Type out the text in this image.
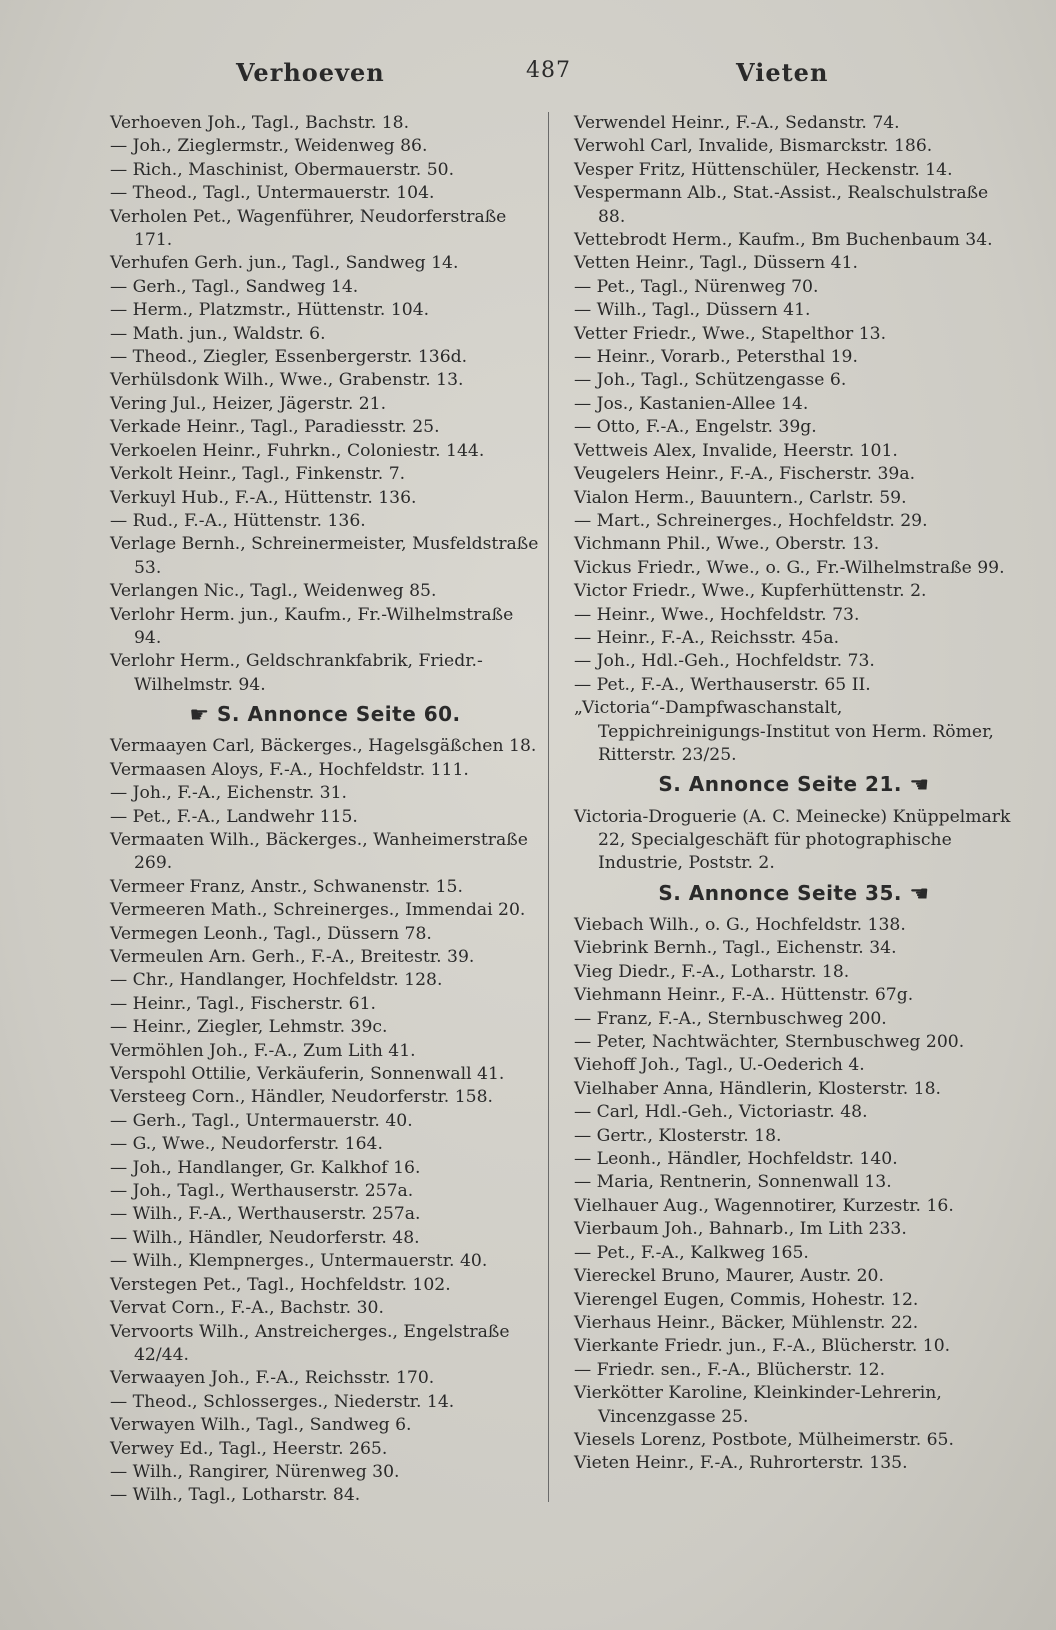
Verhoeven	487	Vieten
Verhoeven Joh., Tagl., Bachstr. 18.
— Joh., Zieglermstr., Weidenweg 86.
— Rich., Maschinist, Obermauerstr. 50.
— Theod., Tagl., Untermauerstr. 104.
Verholen Pet., Wagenführer, Neudorferstraße 171.
Verhufen Gerh. jun., Tagl., Sandweg 14.
— Gerh., Tagl., Sandweg 14.
— Herm., Platzmstr., Hüttenstr. 104.
— Math. jun., Waldstr. 6.
— Theod., Ziegler, Essenbergerstr. 136d.
Verhülsdonk Wilh., Wwe., Grabenstr. 13.
Vering Jul., Heizer, Jägerstr. 21.
Verkade Heinr., Tagl., Paradiesstr. 25.
Verkoelen Heinr., Fuhrkn., Coloniestr. 144.
Verkolt Heinr., Tagl., Finkenstr. 7.
Verkuyl Hub., F.-A., Hüttenstr. 136.
— Rud., F.-A., Hüttenstr. 136.
Verlage Bernh., Schreinermeister, Musfeldstraße 53.
Verlangen Nic., Tagl., Weidenweg 85.
Verlohr Herm. jun., Kaufm., Fr.-Wilhelmstraße 94.
Verlohr Herm., Geldschrankfabrik, Friedr.-Wilhelmstr. 94.
☛ S. Annonce Seite 60.
Vermaayen Carl, Bäckerges., Hagelsgäßchen 18.
Vermaasen Aloys, F.-A., Hochfeldstr. 111.
— Joh., F.-A., Eichenstr. 31.
— Pet., F.-A., Landwehr 115.
Vermaaten Wilh., Bäckerges., Wanheimerstraße 269.
Vermeer Franz, Anstr., Schwanenstr. 15.
Vermeeren Math., Schreinerges., Immendai 20.
Vermegen Leonh., Tagl., Düssern 78.
Vermeulen Arn. Gerh., F.-A., Breitestr. 39.
— Chr., Handlanger, Hochfeldstr. 128.
— Heinr., Tagl., Fischerstr. 61.
— Heinr., Ziegler, Lehmstr. 39c.
Vermöhlen Joh., F.-A., Zum Lith 41.
Verspohl Ottilie, Verkäuferin, Sonnenwall 41.
Versteeg Corn., Händler, Neudorferstr. 158.
— Gerh., Tagl., Untermauerstr. 40.
— G., Wwe., Neudorferstr. 164.
— Joh., Handlanger, Gr. Kalkhof 16.
— Joh., Tagl., Werthauserstr. 257a.
— Wilh., F.-A., Werthauserstr. 257a.
— Wilh., Händler, Neudorferstr. 48.
— Wilh., Klempnerges., Untermauerstr. 40.
Verstegen Pet., Tagl., Hochfeldstr. 102.
Vervat Corn., F.-A., Bachstr. 30.
Vervoorts Wilh., Anstreicherges., Engelstraße 42/44.
Verwaayen Joh., F.-A., Reichsstr. 170.
— Theod., Schlosserges., Niederstr. 14.
Verwayen Wilh., Tagl., Sandweg 6.
Verwey Ed., Tagl., Heerstr. 265.
— Wilh., Rangirer, Nürenweg 30.
— Wilh., Tagl., Lotharstr. 84.
Verwendel Heinr., F.-A., Sedanstr. 74.
Verwohl Carl, Invalide, Bismarckstr. 186.
Vesper Fritz, Hüttenschüler, Heckenstr. 14.
Vespermann Alb., Stat.-Assist., Realschulstraße 88.
Vettebrodt Herm., Kaufm., Bm Buchenbaum 34.
Vetten Heinr., Tagl., Düssern 41.
— Pet., Tagl., Nürenweg 70.
— Wilh., Tagl., Düssern 41.
Vetter Friedr., Wwe., Stapelthor 13.
— Heinr., Vorarb., Petersthal 19.
— Joh., Tagl., Schützengasse 6.
— Jos., Kastanien-Allee 14.
— Otto, F.-A., Engelstr. 39g.
Vettweis Alex, Invalide, Heerstr. 101.
Veugelers Heinr., F.-A., Fischerstr. 39a.
Vialon Herm., Bauuntern., Carlstr. 59.
— Mart., Schreinerges., Hochfeldstr. 29.
Vichmann Phil., Wwe., Oberstr. 13.
Vickus Friedr., Wwe., o. G., Fr.-Wilhelmstraße 99.
Victor Friedr., Wwe., Kupferhüttenstr. 2.
— Heinr., Wwe., Hochfeldstr. 73.
— Heinr., F.-A., Reichsstr. 45a.
— Joh., Hdl.-Geh., Hochfeldstr. 73.
— Pet., F.-A., Werthauserstr. 65 II.
„Victoria“-Dampfwaschanstalt, Teppichreinigungs-Institut von Herm. Römer, Ritterstr. 23/25.
S. Annonce Seite 21. ☚
Victoria-Droguerie (A. C. Meinecke) Knüppelmark 22, Specialgeschäft für photographische Industrie, Poststr. 2.
S. Annonce Seite 35. ☚
Viebach Wilh., o. G., Hochfeldstr. 138.
Viebrink Bernh., Tagl., Eichenstr. 34.
Vieg Diedr., F.-A., Lotharstr. 18.
Viehmann Heinr., F.-A.. Hüttenstr. 67g.
— Franz, F.-A., Sternbuschweg 200.
— Peter, Nachtwächter, Sternbuschweg 200.
Viehoff Joh., Tagl., U.-Oederich 4.
Vielhaber Anna, Händlerin, Klosterstr. 18.
— Carl, Hdl.-Geh., Victoriastr. 48.
— Gertr., Klosterstr. 18.
— Leonh., Händler, Hochfeldstr. 140.
— Maria, Rentnerin, Sonnenwall 13.
Vielhauer Aug., Wagennotirer, Kurzestr. 16.
Vierbaum Joh., Bahnarb., Im Lith 233.
— Pet., F.-A., Kalkweg 165.
Viereckel Bruno, Maurer, Austr. 20.
Vierengel Eugen, Commis, Hohestr. 12.
Vierhaus Heinr., Bäcker, Mühlenstr. 22.
Vierkante Friedr. jun., F.-A., Blücherstr. 10.
— Friedr. sen., F.-A., Blücherstr. 12.
Vierkötter Karoline, Kleinkinder-Lehrerin, Vincenzgasse 25.
Viesels Lorenz, Postbote, Mülheimerstr. 65.
Vieten Heinr., F.-A., Ruhrorterstr. 135.
